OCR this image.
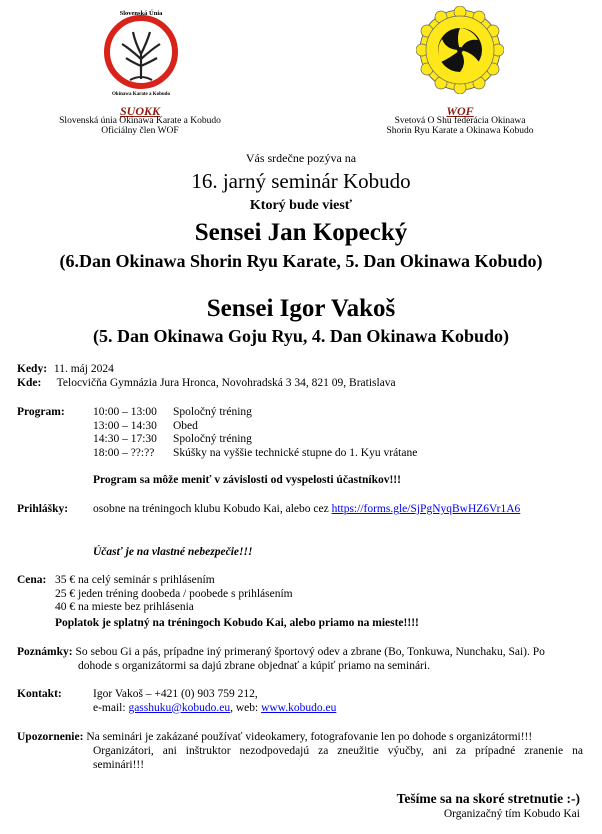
Slovenská Únia
Okinawa Karate a Kobudo
SUOKK
Slovenská únia Okinawa Karate a Kobudo
Oficiálny člen WOF
WOF
Svetová O Shu federácia Okinawa
Shorin Ryu Karate a Okinawa Kobudo
Vás srdečne pozýva na
16. jarný seminár Kobudo
Ktorý bude viesť
Sensei Jan Kopecký
(6.Dan Okinawa Shorin Ryu Karate, 5. Dan Okinawa Kobudo)
Sensei Igor Vakoš
(5. Dan Okinawa Goju Ryu, 4. Dan Okinawa Kobudo)
Kedy: 11. máj 2024
Kde: Telocvičňa Gymnázia Jura Hronca, Novohradská 3 34, 821 09, Bratislava
Program: 10:00 – 13:00	Spoločný tréning
13:00 – 14:30	Obed
14:30 – 17:30	Spoločný tréning
18:00 – ??:??	Skúšky na vyššie technické stupne do 1. Kyu vrátane
Program sa môže meniť v závislosti od vyspelosti účastníkov!!!
Prihlášky: osobne na tréningoch klubu Kobudo Kai, alebo cez https://forms.gle/SjPgNyqBwHZ6Vr1A6
Účasť je na vlastné nebezpečie!!!
Cena: 35 € na celý seminár s prihlásením
25 € jeden tréning doobeda / poobede s prihlásením
40 € na mieste bez prihlásenia
Poplatok je splatný na tréningoch Kobudo Kai, alebo priamo na mieste!!!!
Poznámky: So sebou Gi a pás, prípadne iný primeraný športový odev a zbrane (Bo, Tonkuwa, Nunchaku, Sai). Po
dohode s organizátormi sa dajú zbrane objednať a kúpiť priamo na seminári.
Kontakt:	Igor Vakoš – +421 (0) 903 759 212,
e-mail: gasshuku@kobudo.eu, web: www.kobudo.eu
Upozornenie: Na seminári je zakázané používať videokamery, fotografovanie len po dohode s organizátormi!!!
Organizátori, ani inštruktor nezodpovedajú za zneužitie výučby, ani za prípadné zranenie na
seminári!!!
Tešíme sa na skoré stretnutie :-)
Organizačný tím Kobudo Kai
